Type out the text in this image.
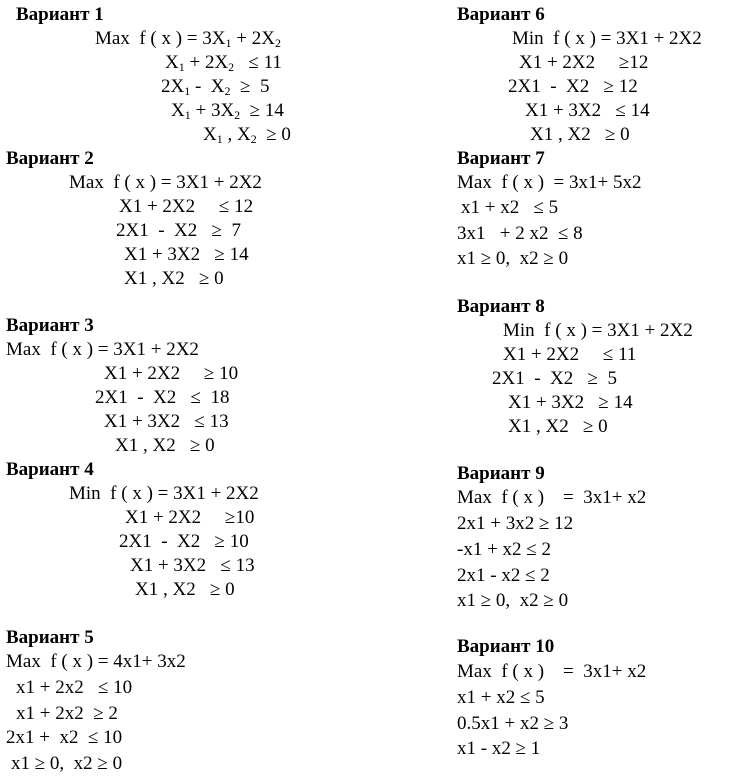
Вариант 1
Max  f ( x ) = $3X_1 + 2X_2$
$X_1 + 2X_2 \le 11$
$2X_1 - X_2 \ge 5$
$X_1 + 3X_2 \ge 14$
$X_1$ , $X_2 \ge 0$
Вариант 2
Max  f ( x ) = 3X1 + 2X2
X1 + 2X2     ≤ 12
2X1  -  X2   ≥  7
X1 + 3X2   ≥ 14
X1 , X2   ≥ 0
Вариант 3
Max  f ( x ) = 3X1 + 2X2
X1 + 2X2     ≥ 10
2X1  -  X2   ≤  18
X1 + 3X2   ≤ 13
X1 , X2   ≥ 0
Вариант 4
Min  f ( x ) = 3X1 + 2X2
X1 + 2X2     ≥10
2X1  -  X2   ≥ 10
X1 + 3X2   ≤ 13
X1 , X2   ≥ 0
Вариант 5
Max  f ( x ) = 4x1+ 3x2
x1 + 2x2   ≤ 10
x1 + 2x2  ≥ 2
2x1 +  x2  ≤ 10
x1 ≥ 0,  x2 ≥ 0
Вариант 6
Min  f ( x ) = 3X1 + 2X2
X1 + 2X2     ≥12
2X1  -  X2   ≥ 12
X1 + 3X2   ≤ 14
X1 , X2   ≥ 0
Вариант 7
Max  f ( x )  = 3x1+ 5x2
x1 + x2   ≤ 5
3x1   + 2 x2  ≤ 8
x1 ≥ 0,  x2 ≥ 0
Вариант 8
Min  f ( x ) = 3X1 + 2X2
X1 + 2X2     ≤ 11
2X1  -  X2   ≥  5
X1 + 3X2   ≥ 14
X1 , X2   ≥ 0
Вариант 9
Max  f ( x )    =  3x1+ x2
2x1 + 3x2 ≥ 12
-x1 + x2 ≤ 2
2x1 - x2 ≤ 2
x1 ≥ 0,  x2 ≥ 0
Вариант 10
Max  f ( x )    =  3x1+ x2
x1 + x2 ≤ 5
0.5x1 + x2 ≥ 3
x1 - x2 ≥ 1
